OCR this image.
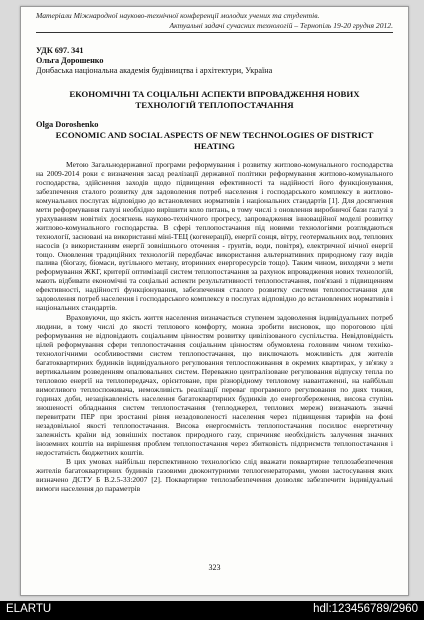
Матеріали Міжнародної науково-технічної конференції молодих учених та студентів.
Актуальні задачі сучасних технологій – Тернопіль 19-20 грудня 2012.
УДК 697. 341
Ольга Дорошенко
Донбаська національна академія будівництва і архітектури, Україна
ЕКОНОМІЧНІ ТА СОЦІАЛЬНІ АСПЕКТИ ВПРОВАДЖЕННЯ НОВИХ
ТЕХНОЛОГІЙ ТЕПЛОПОСТАЧАННЯ
Olga Doroshenko
ECONOMIC AND SOCIAL ASPECTS OF NEW TECHNOLOGIES OF DISTRICT
HEATING

Метою Загальнодержавної програми реформування і розвитку житлово-комунального господарства на 2009-2014 роки є визначення засад реалізації державної політики реформування житлово-комунального господарства, здійснення заходів щодо підвищення ефективності та надійності його функціонування, забезпечення сталого розвитку для задоволення потреб населення і господарського комплексу в житлово-комунальних послугах відповідно до встановлених нормативів і національних стандартів [1]. Для досягнення мети реформування галузі необхідно вирішити коло питань, в тому числі з оновлення виробничої бази галузі з урахуванням новітніх досягнень науково-технічного прогресу, запровадження інноваційної моделі розвитку житлово-комунального господарства. В сфері теплопостачання під новими технологіями розглядаються технології, засновані на використанні міні-ТЕЦ (когенерації), енергії сонця, вітру, геотермальних вод, теплових насосів (з використанням енергії зовнішнього оточення - ґрунтів, води, повітря), електричної нічної енергії тощо. Оновлення традиційних технологій передбачає використання альтернативних природному газу видів палива (біогазу, біомаси, вугільного метану, вторинних енергоресурсів тощо). Таким чином, виходячи з мети реформування ЖКГ, критерії оптимізації систем теплопостачання за рахунок впровадження нових технологій, мають відбивати економічні та соціальні аспекти результативності теплопостачання, пов'язані з підвищенням ефективності, надійності функціонування, забезпечення сталого розвитку системи теплопостачання для задоволення потреб населення і господарського комплексу в послугах відповідно до встановлених нормативів і національних стандартів.

Враховуючи, що якість життя населення визначається ступенем задоволення індивідуальних потреб людини, в тому числі до якості теплового комфорту, можна зробити висновок, що пороговою цілі реформування не відповідають соціальним цінностям розвитку цивілізованого суспільства. Невідповідність цілей реформування сфери теплопостачання соціальним цінностям обумовлена головним чином техніко-технологічними особливостями систем теплопостачання, що виключають можливість для жителів багатоквартирних будинків індивідуального регулювання теплоспоживання в окремих квартирах, у зв'язку з вертикальним розведенням опалювальних систем. Переважно централізоване регулювання відпуску тепла по тепловою енергії на теплопередачах, орієнтоване, при різнорідному тепловому навантаженні, на найбільш вимогливого теплоспоживача, неможливість реалізації переваг програмного регулювання по днях тижня, годинах доби, незацікавленість населення багатоквартирних будинків до енергозбереження, висока ступінь зношеності обладнання систем теплопостачання (теплоджерел, теплових мереж) визначають значні перевитрати ПЕР при зростанні рівня незадоволеності населення через підвищення тарифів на фоні незадовільної якості теплопостачання. Висока енергоємність теплопостачання посилює енергетичну залежність країни від зовнішніх поставок природного газу, спричиняє необхідність залучення значних іноземних коштів на вирішення проблем теплопостачання через збитковість підприємств теплопостачання і недостатність бюджетних коштів.

В цих умовах найбільш перспективною технологією слід вважати поквартирне теплозабезпечення жителів багатоквартирних будинків газовими двоконтурними теплогенераторами, умови застосування яких визначено ДСТУ Б В.2.5-33:2007 [2]. Поквартирне теплозабезпечення дозволяє забезпечити індивідуальні вимоги населення до параметрів

323
ELARTU	hdl:123456789/2960
